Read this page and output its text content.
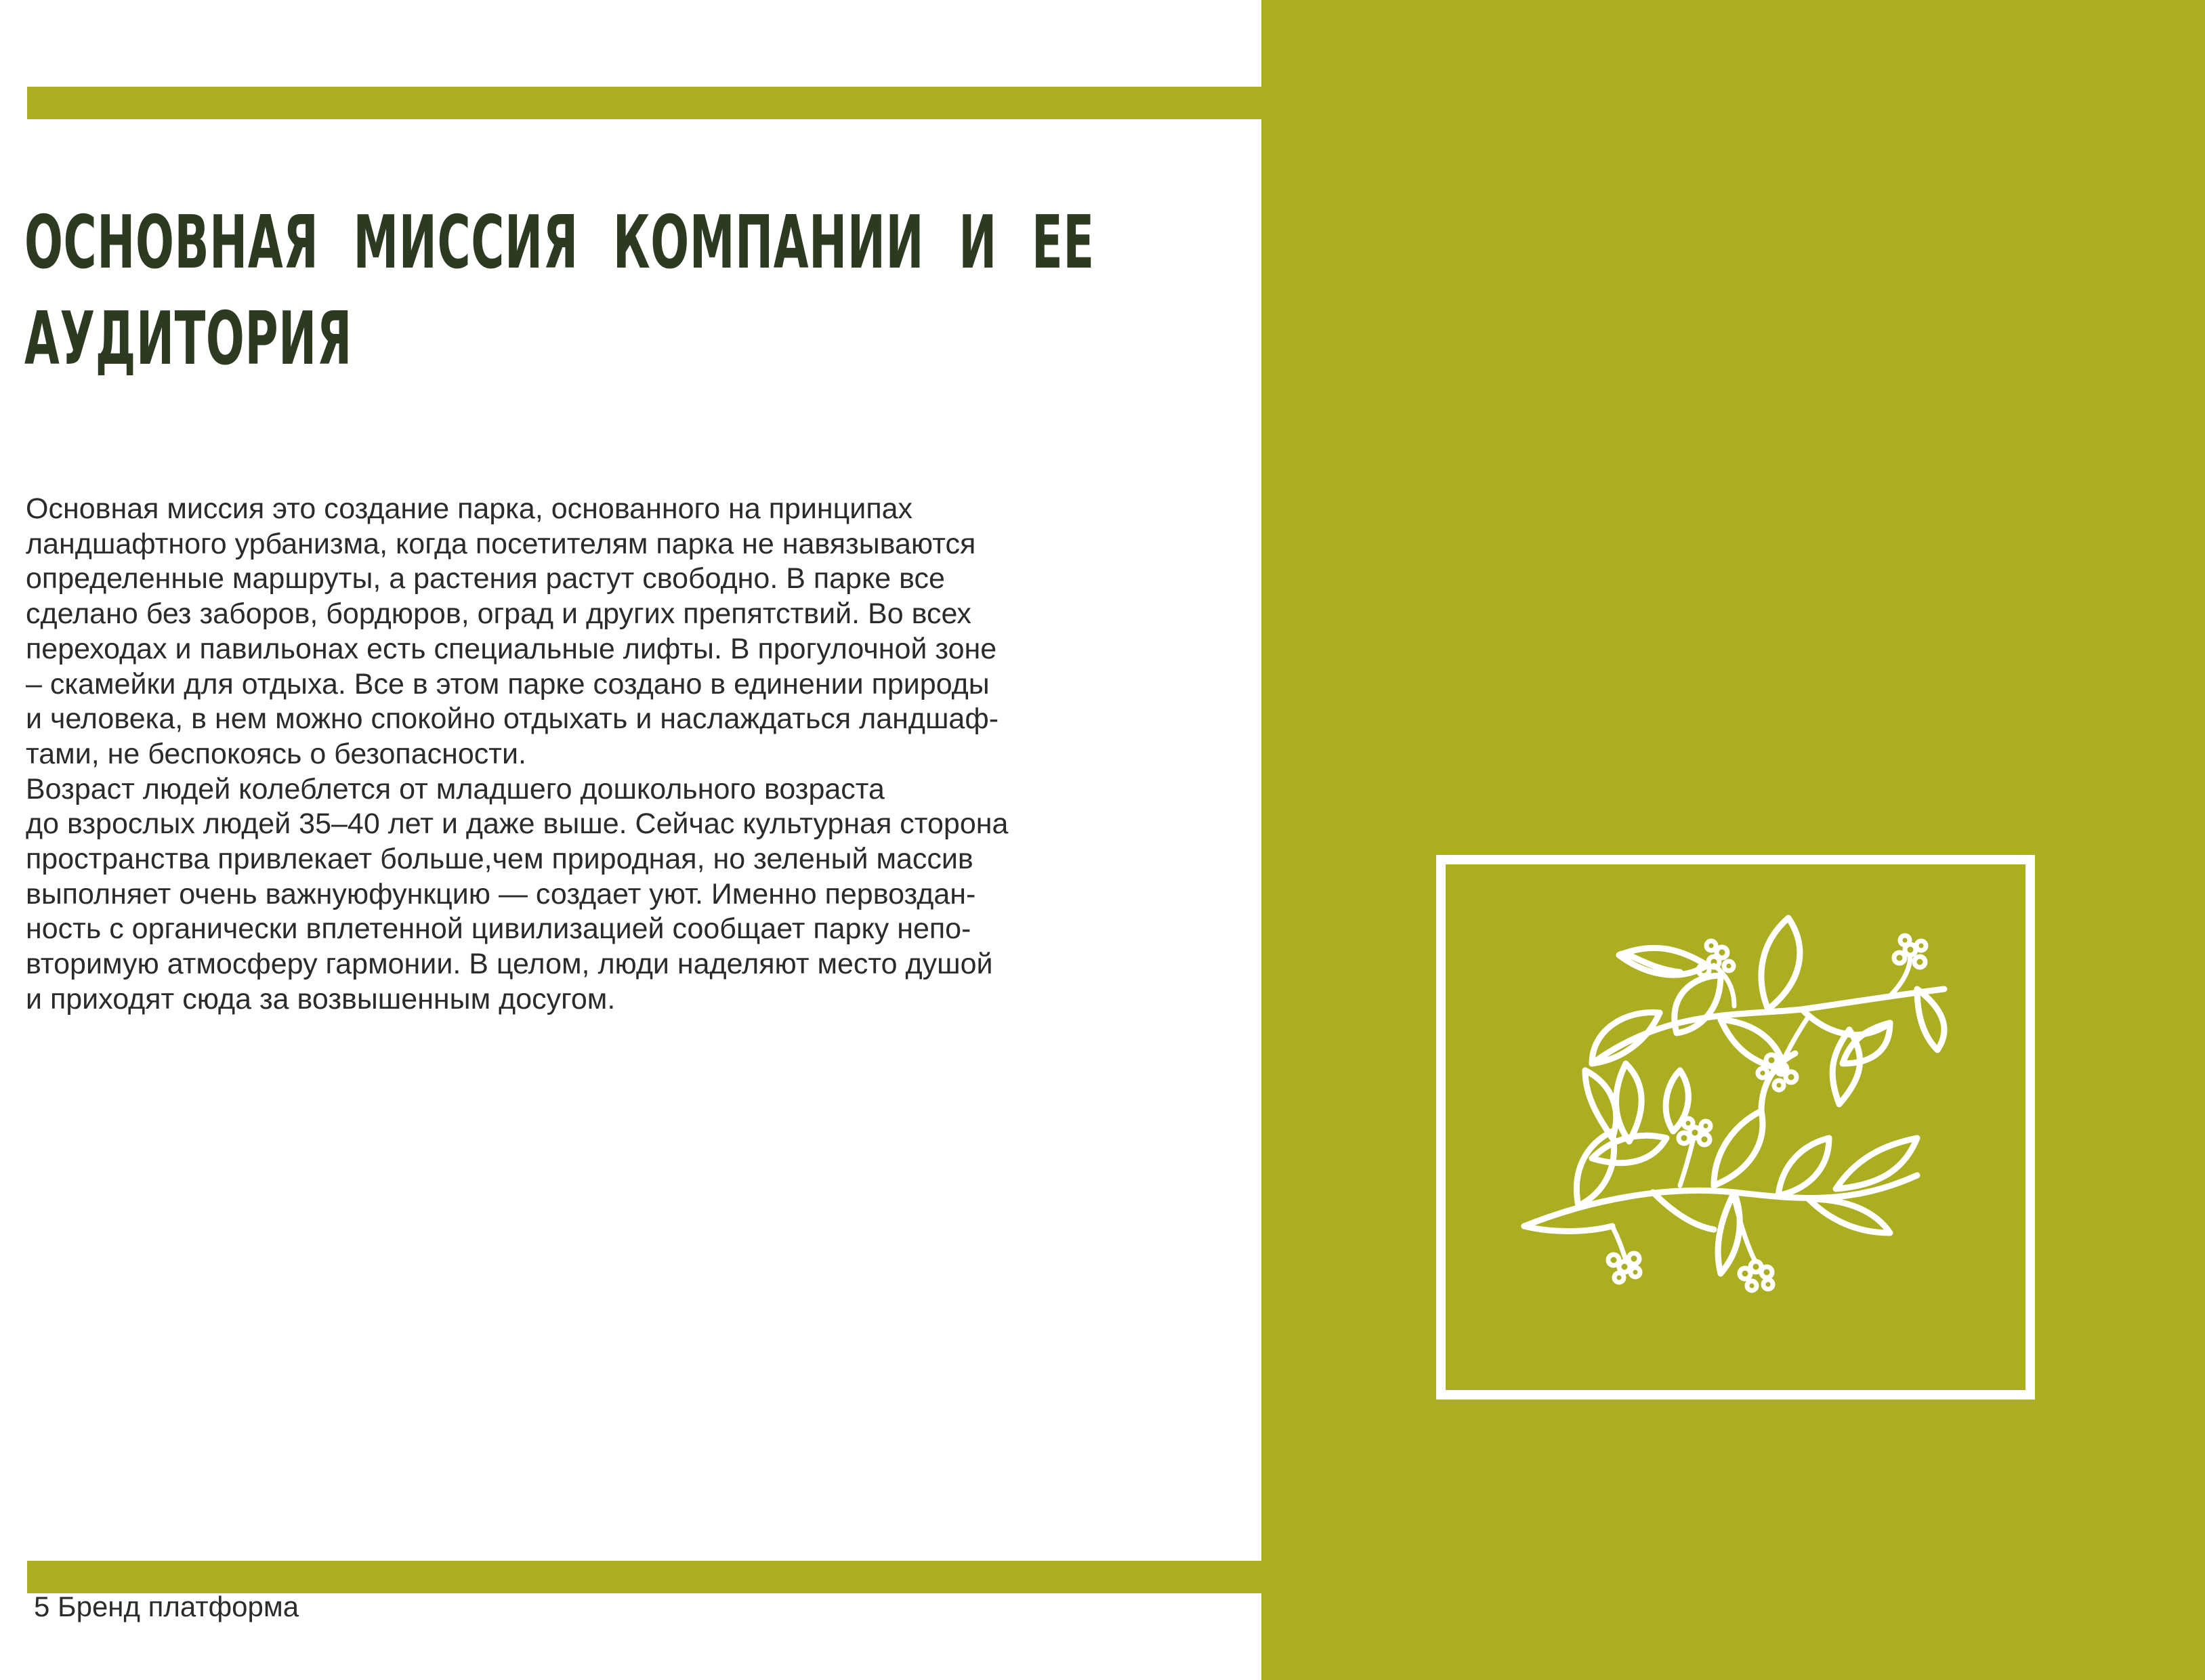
ОСНОВНАЯ МИССИЯ КОМПАНИИ И ЕЕ АУДИТОРИЯ

Основная миссия это создание парка, основанного на принципах
ландшафтного урбанизма, когда посетителям парка не навязываются
определенные маршруты, а растения растут свободно. В парке все
сделано без заборов, бордюров, оград и других препятствий. Во всех
переходах и павильонах есть специальные лифты. В прогулочной зоне
– скамейки для отдыха. Все в этом парке создано в единении природы
и человека, в нем можно спокойно отдыхать и наслаждаться ландшаф-
тами, не беспокоясь о безопасности.

Возраст людей колеблется от младшего дошкольного возраста
до взрослых людей 35–40 лет и даже выше. Сейчас культурная сторона
пространства привлекает больше,чем природная, но зеленый массив
выполняет очень важнуюфункцию — создает уют. Именно первоздан-
ность с органически вплетенной цивилизацией сообщает парку непо-
вторимую атмосферу гармонии. В целом, люди наделяют место душой
и приходят сюда за возвышенным досугом.

5 Бренд платформа
